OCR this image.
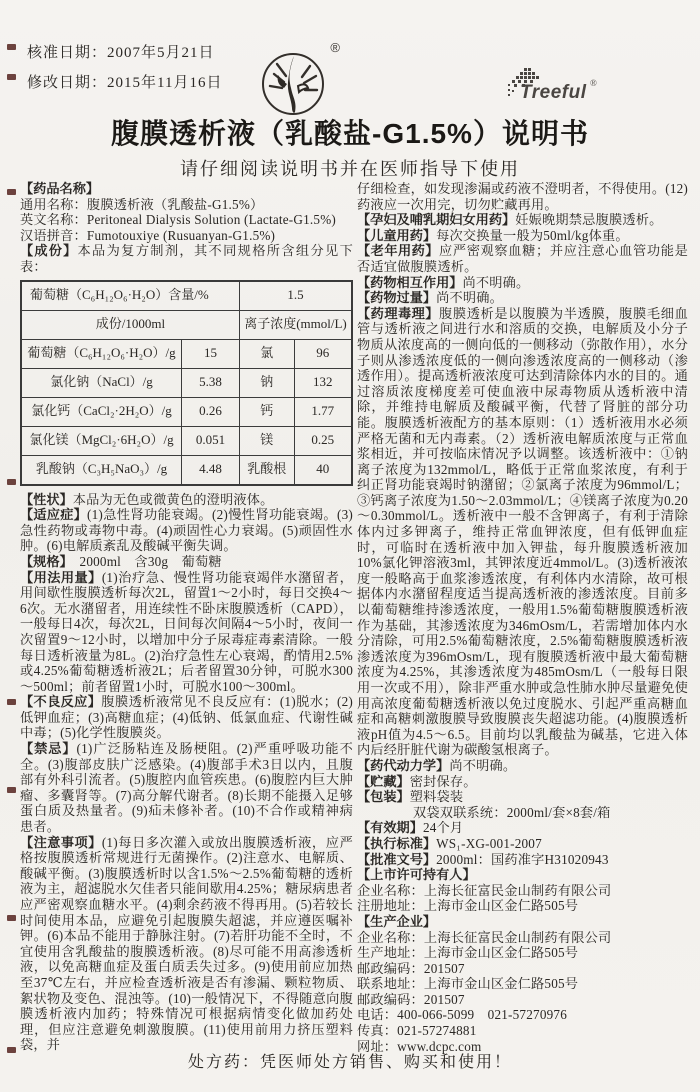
核准日期：2007年5月21日
修改日期：2015年11月16日
®
Treeful ®
腹膜透析液（乳酸盐-G1.5%）说明书
请仔细阅读说明书并在医师指导下使用

【药品名称】

通用名称：腹膜透析液（乳酸盐-G1.5%）

英文名称：Peritoneal Dialysis Solution (Lactate-G1.5%)

汉语拼音：Fumotouxiye (Rusuanyan-G1.5%)

【成份】本品为复方制剂，其不同规格所含组分见下表：

葡萄糖（C₆H₁₂O₆·H₂O）含量/%		1.5	
成份/1000ml		离子浓度(mmol/L)	
葡萄糖（C₆H₁₂O₆·H₂O）/g	15	氯	96
氯化钠（NaCl）/g	5.38	钠	132
氯化钙（CaCl₂·2H₂O）/g	0.26	钙	1.77
氯化镁（MgCl₂·6H₂O）/g	0.051	镁	0.25
乳酸钠（C₃H₅NaO₃）/g	4.48	乳酸根	40

【性状】本品为无色或微黄色的澄明液体。

【适应症】(1)急性肾功能衰竭。(2)慢性肾功能衰竭。(3)急性药物或毒物中毒。(4)顽固性心力衰竭。(5)顽固性水肿。(6)电解质紊乱及酸碱平衡失调。

【规格】　2000ml　含30g　葡萄糖

【用法用量】(1)治疗急、慢性肾功能衰竭伴水潴留者，用间歇性腹膜透析每次2L，留置1～2小时，每日交换4～6次。无水潴留者，用连续性不卧床腹膜透析（CAPD），一般每日4次，每次2L，日间每次间隔4～5小时，夜间一次留置9～12小时，以增加中分子尿毒症毒素清除。一般每日透析液量为8L。(2)治疗急性左心衰竭，酌情用2.5%或4.25%葡萄糖透析液2L；后者留置30分钟，可脱水300～500ml；前者留置1小时，可脱水100～300ml。

【不良反应】腹膜透析液常见不良反应有：(1)脱水；(2)低钾血症；(3)高糖血症；(4)低钠、低氯血症、代谢性碱中毒；(5)化学性腹膜炎。

【禁忌】(1)广泛肠粘连及肠梗阻。(2)严重呼吸功能不全。(3)腹部皮肤广泛感染。(4)腹部手术3日以内，且腹部有外科引流者。(5)腹腔内血管疾患。(6)腹腔内巨大肿瘤、多囊肾等。(7)高分解代谢者。(8)长期不能摄入足够蛋白质及热量者。(9)疝未修补者。(10)不合作或精神病患者。

【注意事项】(1)每日多次灌入或放出腹膜透析液，应严格按腹膜透析常规进行无菌操作。(2)注意水、电解质、酸碱平衡。(3)腹膜透析时以含1.5%～2.5%葡萄糖的透析液为主，超滤脱水欠佳者只能间歇用4.25%；糖尿病患者应严密观察血糖水平。(4)剩余药液不得再用。(5)若较长时间使用本品，应避免引起腹膜失超滤，并应遵医嘱补钾。(6)本品不能用于静脉注射。(7)若肝功能不全时，不宜使用含乳酸盐的腹膜透析液。(8)尽可能不用高渗透析液，以免高糖血症及蛋白质丢失过多。(9)使用前应加热至37℃左右，并应检查透析液是否有渗漏、颗粒物质、絮状物及变色、混浊等。(10)一般情况下，不得随意向腹膜透析液内加药；特殊情况可根据病情变化做加药处理，但应注意避免刺激腹膜。(11)使用前用力挤压塑料袋，并

仔细检查，如发现渗漏或药液不澄明者，不得使用。(12)药液应一次用完，切勿贮藏再用。

【孕妇及哺乳期妇女用药】妊娠晚期禁忌腹膜透析。

【儿童用药】每次交换量一般为50ml/kg体重。

【老年用药】应严密观察血糖；并应注意心血管功能是否适宜做腹膜透析。

【药物相互作用】尚不明确。

【药物过量】尚不明确。

【药理毒理】腹膜透析是以腹膜为半透膜，腹膜毛细血管与透析液之间进行水和溶质的交换，电解质及小分子物质从浓度高的一侧向低的一侧移动（弥散作用），水分子则从渗透浓度低的一侧向渗透浓度高的一侧移动（渗透作用）。提高透析液浓度可达到清除体内水的目的。通过溶质浓度梯度差可使血液中尿毒物质从透析液中清除，并维持电解质及酸碱平衡，代替了肾脏的部分功能。腹膜透析液配方的基本原则：（1）透析液用水必须严格无菌和无内毒素。（2）透析液电解质浓度与正常血浆相近，并可按临床情况予以调整。该透析液中：①钠离子浓度为132mmol/L，略低于正常血浆浓度，有利于纠正肾功能衰竭时钠潴留；②氯离子浓度为96mmol/L；③钙离子浓度为1.50～2.03mmol/L；④镁离子浓度为0.20～0.30mmol/L。透析液中一般不含钾离子，有利于清除体内过多钾离子，维持正常血钾浓度，但有低钾血症时，可临时在透析液中加入钾盐，每升腹膜透析液加10%氯化钾溶液3ml，其钾浓度近4mmol/L。(3)透析液浓度一般略高于血浆渗透浓度，有利体内水清除，故可根据体内水潴留程度适当提高透析液的渗透浓度。目前多以葡萄糖维持渗透浓度，一般用1.5%葡萄糖腹膜透析液作为基础，其渗透浓度为346mOsm/L，若需增加体内水分清除，可用2.5%葡萄糖浓度，2.5%葡萄糖腹膜透析液渗透浓度为396mOsm/L，现有腹膜透析液中最大葡萄糖浓度为4.25%，其渗透浓度为485mOsm/L（一般每日限用一次或不用），除非严重水肿或急性肺水肿尽量避免使用高浓度葡萄糖透析液以免过度脱水、引起严重高糖血症和高糖刺激腹膜导致腹膜丧失超滤功能。(4)腹膜透析液pH值为4.5～6.5。目前均以乳酸盐为碱基，它进入体内后经肝脏代谢为碳酸氢根离子。

【药代动力学】尚不明确。

【贮藏】密封保存。

【包装】塑料袋装

双袋双联系统：2000ml/套×8套/箱

【有效期】24个月

【执行标准】WS₁-XG-001-2007

【批准文号】2000ml：国药准字H31020943

【上市许可持有人】

企业名称：上海长征富民金山制药有限公司

注册地址：上海市金山区金仁路505号

【生产企业】

企业名称：上海长征富民金山制药有限公司

生产地址：上海市金山区金仁路505号

邮政编码：201507

联系地址：上海市金山区金仁路505号

邮政编码：201507

电话：400-066-5099　021-57270976

传真：021-57274881

网址：www.dcpc.com

处方药：凭医师处方销售、购买和使用！
